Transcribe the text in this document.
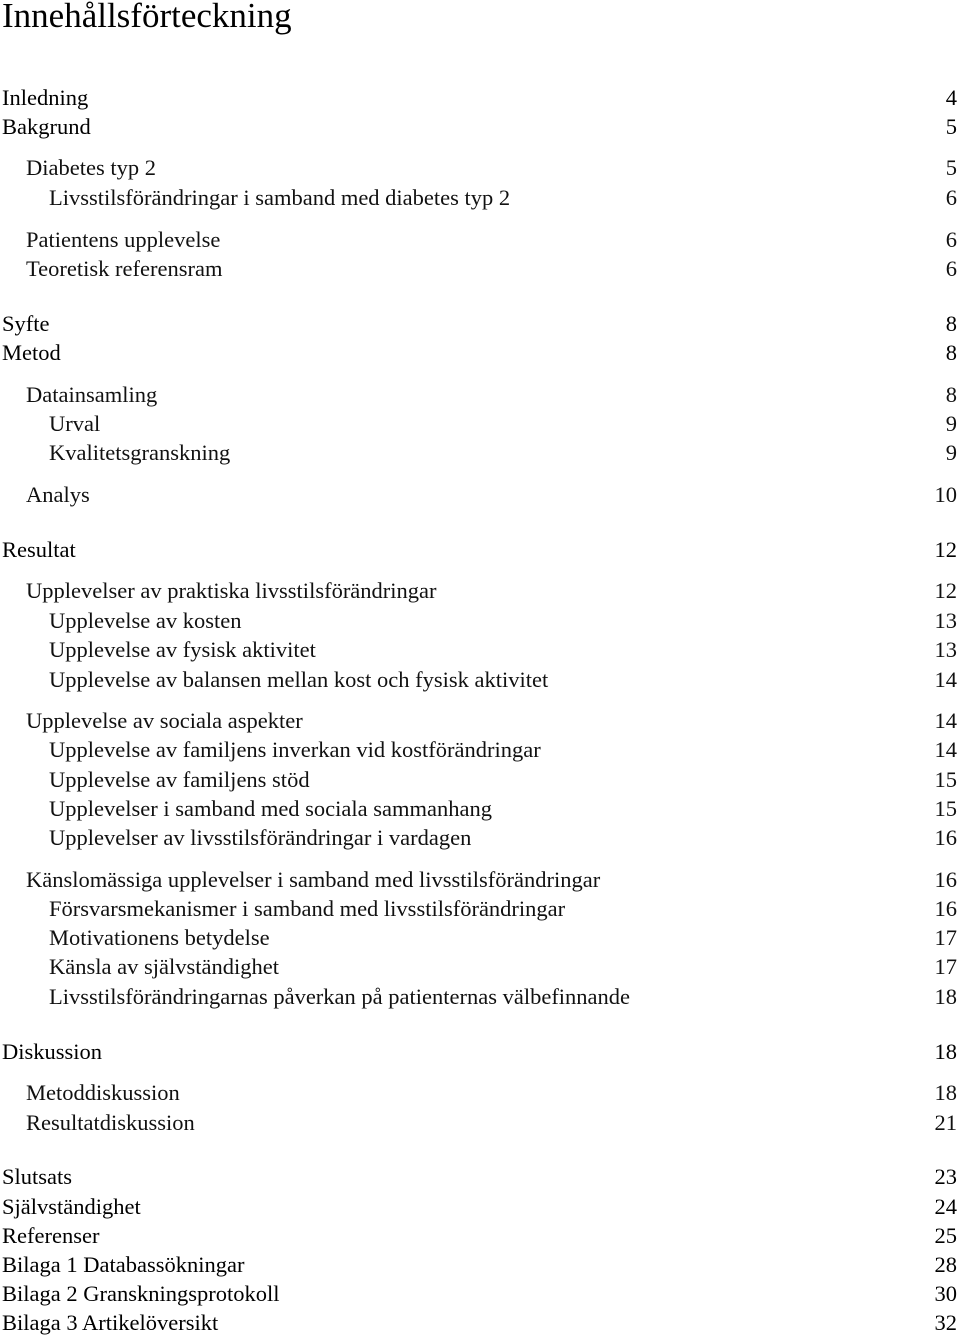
Innehållsförteckning
Inledning	4
Bakgrund	5
Diabetes typ 2	5
Livsstilsförändringar i samband med diabetes typ 2	6
Patientens upplevelse	6
Teoretisk referensram	6
Syfte	8
Metod	8
Datainsamling	8
Urval	9
Kvalitetsgranskning	9
Analys	10
Resultat	12
Upplevelser av praktiska livsstilsförändringar	12
Upplevelse av kosten	13
Upplevelse av fysisk aktivitet	13
Upplevelse av balansen mellan kost och fysisk aktivitet	14
Upplevelse av sociala aspekter	14
Upplevelse av familjens inverkan vid kostförändringar	14
Upplevelse av familjens stöd	15
Upplevelser i samband med sociala sammanhang	15
Upplevelser av livsstilsförändringar i vardagen	16
Känslomässiga upplevelser i samband med livsstilsförändringar	16
Försvarsmekanismer i samband med livsstilsförändringar	16
Motivationens betydelse	17
Känsla av självständighet	17
Livsstilsförändringarnas påverkan på patienternas välbefinnande	18
Diskussion	18
Metoddiskussion	18
Resultatdiskussion	21
Slutsats	23
Självständighet	24
Referenser	25
Bilaga 1 Databassökningar	28
Bilaga 2 Granskningsprotokoll	30
Bilaga 3 Artikelöversikt	32
